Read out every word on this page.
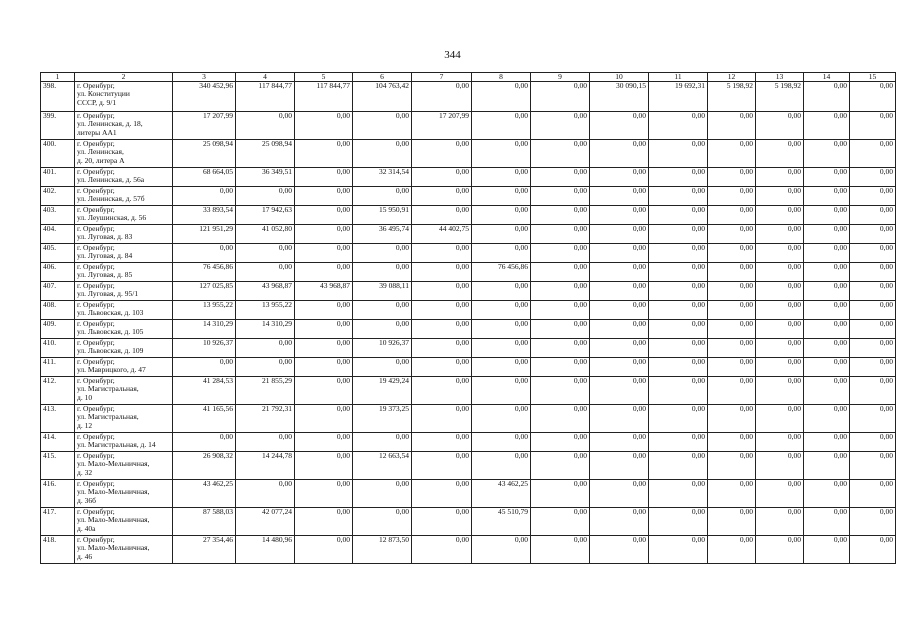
344
1	2	3	4	5	6	7	8	9	10	11	12	13	14	15
398.	г. Оренбург,
ул. Конституции
СССР, д. 9/1	340 452,96	117 844,77	117 844,77	104 763,42	0,00	0,00	0,00	30 090,15	19 692,31	5 198,92	5 198,92	0,00	0,00
399.	г. Оренбург,
ул. Ленинская, д. 18,
литеры АА1	17 207,99	0,00	0,00	0,00	17 207,99	0,00	0,00	0,00	0,00	0,00	0,00	0,00	0,00
400.	г. Оренбург,
ул. Ленинская,
д. 20, литера А	25 098,94	25 098,94	0,00	0,00	0,00	0,00	0,00	0,00	0,00	0,00	0,00	0,00	0,00
401.	г. Оренбург,
ул. Ленинская, д. 56а	68 664,05	36 349,51	0,00	32 314,54	0,00	0,00	0,00	0,00	0,00	0,00	0,00	0,00	0,00
402.	г. Оренбург,
ул. Ленинская, д. 57б	0,00	0,00	0,00	0,00	0,00	0,00	0,00	0,00	0,00	0,00	0,00	0,00	0,00
403.	г. Оренбург,
ул. Леушинская, д. 56	33 893,54	17 942,63	0,00	15 950,91	0,00	0,00	0,00	0,00	0,00	0,00	0,00	0,00	0,00
404.	г. Оренбург,
ул. Луговая, д. 83	121 951,29	41 052,80	0,00	36 495,74	44 402,75	0,00	0,00	0,00	0,00	0,00	0,00	0,00	0,00
405.	г. Оренбург,
ул. Луговая, д. 84	0,00	0,00	0,00	0,00	0,00	0,00	0,00	0,00	0,00	0,00	0,00	0,00	0,00
406.	г. Оренбург,
ул. Луговая, д. 85	76 456,86	0,00	0,00	0,00	0,00	76 456,86	0,00	0,00	0,00	0,00	0,00	0,00	0,00
407.	г. Оренбург,
ул. Луговая, д. 95/1	127 025,85	43 968,87	43 968,87	39 088,11	0,00	0,00	0,00	0,00	0,00	0,00	0,00	0,00	0,00
408.	г. Оренбург,
ул. Львовская, д. 103	13 955,22	13 955,22	0,00	0,00	0,00	0,00	0,00	0,00	0,00	0,00	0,00	0,00	0,00
409.	г. Оренбург,
ул. Львовская, д. 105	14 310,29	14 310,29	0,00	0,00	0,00	0,00	0,00	0,00	0,00	0,00	0,00	0,00	0,00
410.	г. Оренбург,
ул. Львовская, д. 109	10 926,37	0,00	0,00	10 926,37	0,00	0,00	0,00	0,00	0,00	0,00	0,00	0,00	0,00
411.	г. Оренбург,
ул. Маврицкого, д. 47	0,00	0,00	0,00	0,00	0,00	0,00	0,00	0,00	0,00	0,00	0,00	0,00	0,00
412.	г. Оренбург,
ул. Магистральная,
д. 10	41 284,53	21 855,29	0,00	19 429,24	0,00	0,00	0,00	0,00	0,00	0,00	0,00	0,00	0,00
413.	г. Оренбург,
ул. Магистральная,
д. 12	41 165,56	21 792,31	0,00	19 373,25	0,00	0,00	0,00	0,00	0,00	0,00	0,00	0,00	0,00
414.	г. Оренбург,
ул. Магистральная, д. 14	0,00	0,00	0,00	0,00	0,00	0,00	0,00	0,00	0,00	0,00	0,00	0,00	0,00
415.	г. Оренбург,
ул. Мало-Мельничная,
д. 32	26 908,32	14 244,78	0,00	12 663,54	0,00	0,00	0,00	0,00	0,00	0,00	0,00	0,00	0,00
416.	г. Оренбург,
ул. Мало-Мельничная,
д. 36б	43 462,25	0,00	0,00	0,00	0,00	43 462,25	0,00	0,00	0,00	0,00	0,00	0,00	0,00
417.	г. Оренбург,
ул. Мало-Мельничная,
д. 40а	87 588,03	42 077,24	0,00	0,00	0,00	45 510,79	0,00	0,00	0,00	0,00	0,00	0,00	0,00
418.	г. Оренбург,
ул. Мало-Мельничная,
д. 46	27 354,46	14 480,96	0,00	12 873,50	0,00	0,00	0,00	0,00	0,00	0,00	0,00	0,00	0,00
